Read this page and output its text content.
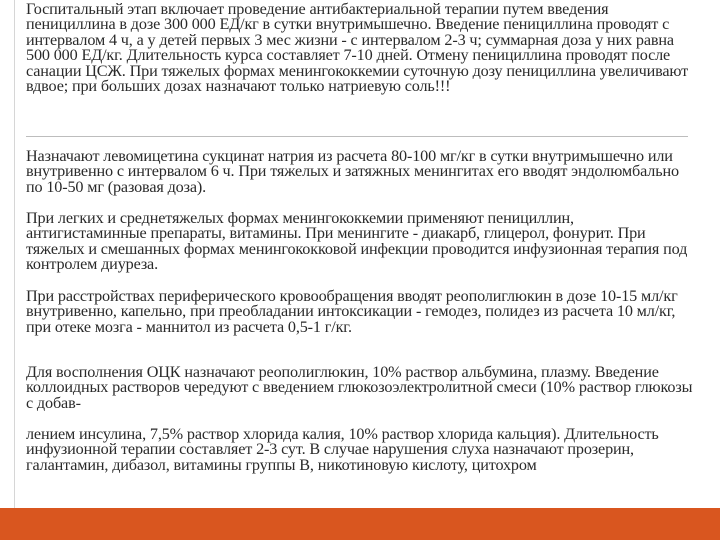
Госпитальный этап включает проведение антибактериальной терапии путем введения пенициллина в дозе 300 000 ЕД/кг в сутки внутримышечно. Введение пенициллина проводят с интервалом 4 ч, а у детей первых 3 мес жизни - с интервалом 2-3 ч; суммарная доза у них равна 500 000 ЕД/кг. Длительность курса составляет 7-10 дней. Отмену пенициллина проводят после санации ЦСЖ. При тяжелых формах менингококкемии суточную дозу пенициллина увеличивают вдвое; при больших дозах назначают только натриевую соль!!!

Назначают левомицетина сукцинат натрия из расчета 80-100 мг/кг в сутки внутримышечно или внутривенно с интервалом 6 ч. При тяжелых и затяжных менингитах его вводят эндолюмбально по 10-50 мг (разовая доза).

При легких и среднетяжелых формах менингококкемии применяют пенициллин, антигистаминные препараты, витамины. При менингите - диакарб, глицерол, фонурит. При тяжелых и смешанных формах менингококковой инфекции проводится инфузионная терапия под контролем диуреза.

При расстройствах периферического кровообращения вводят реополиглюкин в дозе 10-15 мл/кг внутривенно, капельно, при преобладании интоксикации - гемодез, полидез из расчета 10 мл/кг, при отеке мозга - маннитол из расчета 0,5-1 г/кг.

Для восполнения ОЦК назначают реополиглюкин, 10% раствор альбумина, плазму. Введение коллоидных растворов чередуют с введением глюкозоэлектролитной смеси (10% раствор глюкозы с добав-

лением инсулина, 7,5% раствор хлорида калия, 10% раствор хлорида кальция). Длительность инфузионной терапии составляет 2-3 сут. В случае нарушения слуха назначают прозерин, галантамин, дибазол, витамины группы В, никотиновую кислоту, цитохром
